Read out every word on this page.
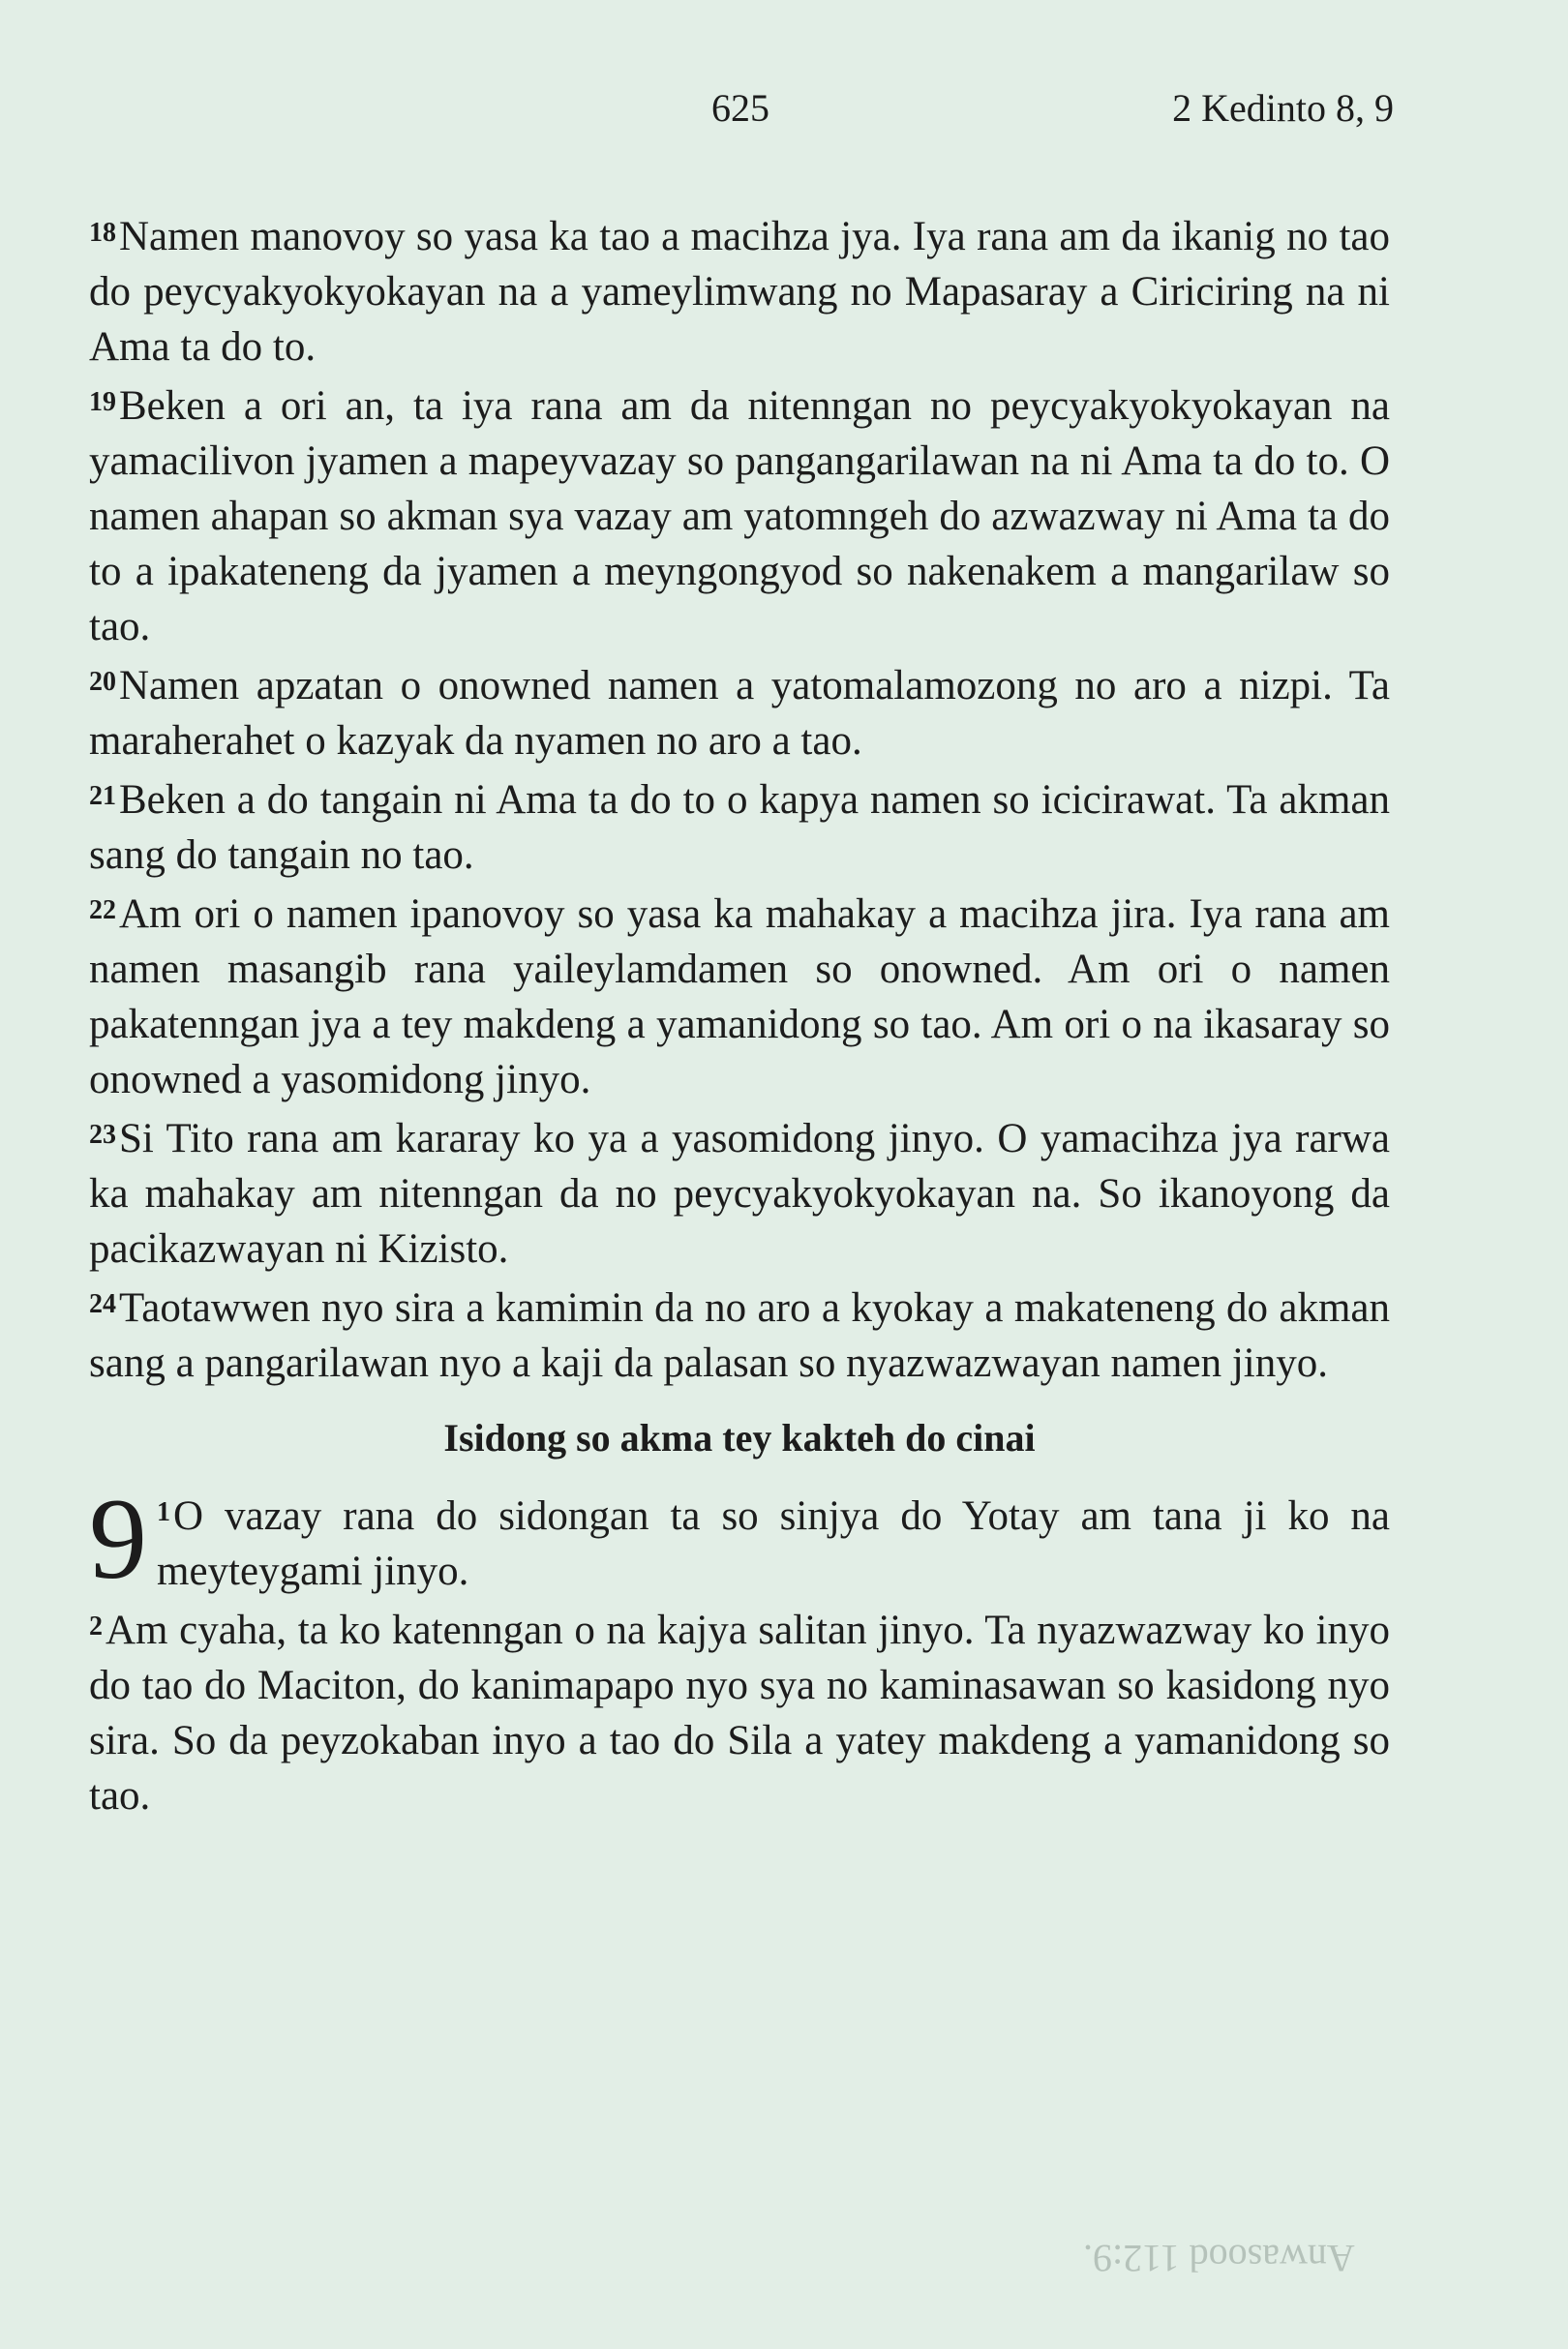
625	2 Kedinto 8, 9

$^{18}$Namen manovoy so yasa ka tao a macihza jya. Iya rana am da ikanig no tao do peycyakyokyokayan na a yameylimwang no Mapasaray a Ciriciring na ni Ama ta do to.

$^{19}$Beken a ori an, ta iya rana am da nitenngan no peycyakyokyokayan na yamacilivon jyamen a mapeyvazay so pangangarilawan na ni Ama ta do to. O namen ahapan so akman sya vazay am yatomngeh do azwazway ni Ama ta do to a ipakateneng da jyamen a meyngongyod so nakenakem a mangarilaw so tao.

$^{20}$Namen apzatan o onowned namen a yatomalamozong no aro a nizpi. Ta maraherahet o kazyak da nyamen no aro a tao.

$^{21}$Beken a do tangain ni Ama ta do to o kapya namen so icicirawat. Ta akman sang do tangain no tao.

$^{22}$Am ori o namen ipanovoy so yasa ka mahakay a macihza jira. Iya rana am namen masangib rana yaileylamdamen so onowned. Am ori o namen pakatenngan jya a tey makdeng a yamanidong so tao. Am ori o na ikasaray so onowned a yasomidong jinyo.

$^{23}$Si Tito rana am kararay ko ya a yasomidong jinyo. O yamacihza jya rarwa ka mahakay am nitenngan da no peycyakyokyokayan na. So ikanoyong da pacikazwayan ni Kizisto.

$^{24}$Taotawwen nyo sira a kamimin da no aro a kyokay a makateneng do akman sang a pangarilawan nyo a kaji da palasan so nyazwazwayan namen jinyo.

Isidong so akma tey kakteh do cinai

9 $^1$O vazay rana do sidongan ta so sinjya do Yotay am tana ji ko na meyteygami jinyo.

$^2$Am cyaha, ta ko katenngan o na kajya salitan jinyo. Ta nyazwazway ko inyo do tao do Maciton, do kanimapapo nyo sya no kaminasawan so kasidong nyo sira. So da peyzokaban inyo a tao do Sila a yatey makdeng a yamanidong so tao.

Anwasood 112:9.
